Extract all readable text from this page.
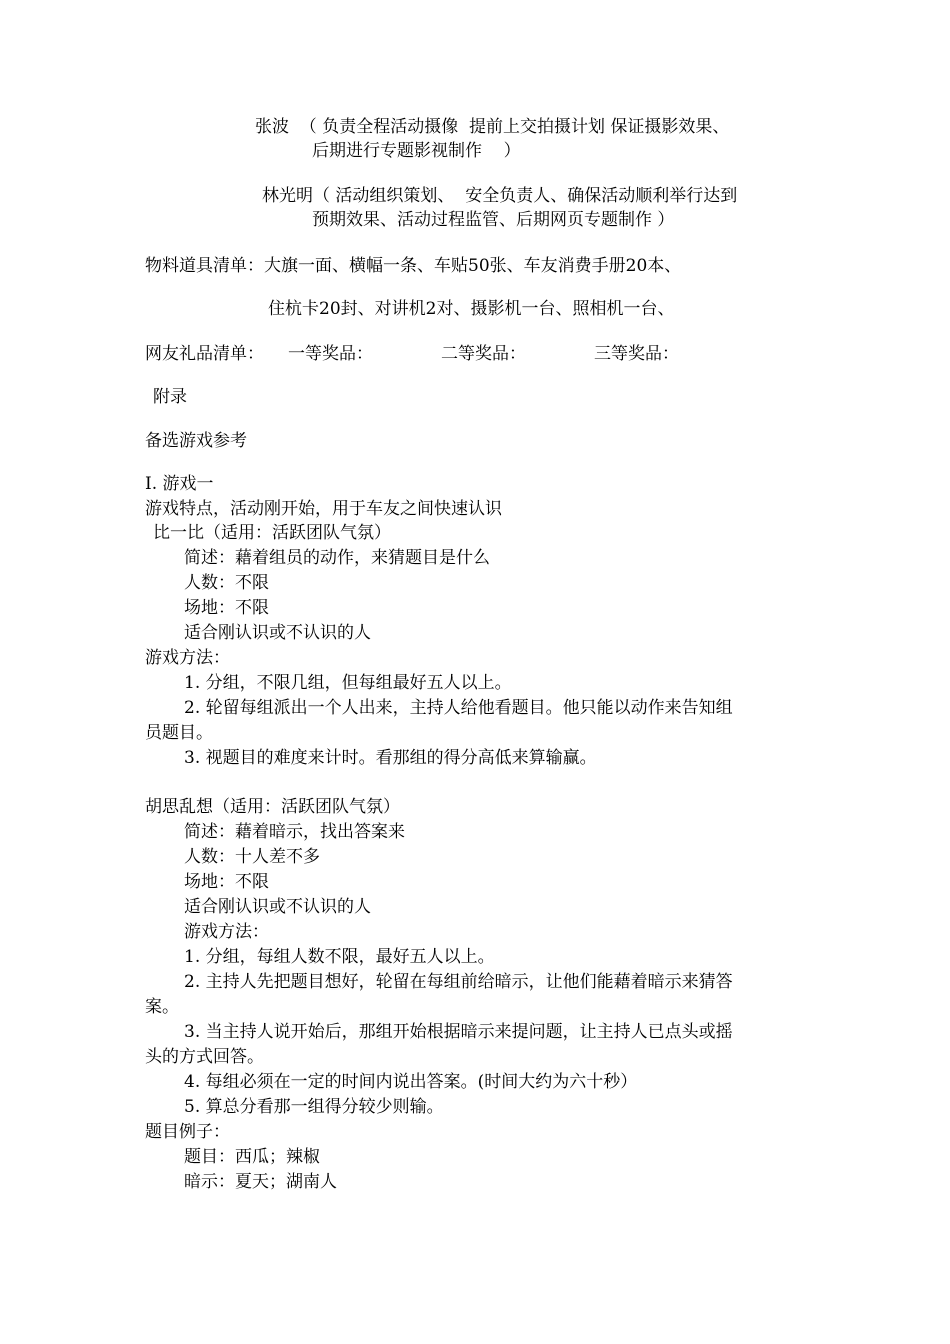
张波  （ 负责全程活动摄像  提前上交拍摄计划 保证摄影效果、
后期进行专题影视制作    ）
林光明（ 活动组织策划、  安全负责人、确保活动顺利举行达到
预期效果、活动过程监管、后期网页专题制作 ）
物料道具清单：大旗一面、横幅一条、车贴50张、车友消费手册20本、
住杭卡20封、对讲机2对、摄影机一台、照相机一台、
网友礼品清单： 一等奖品：	二等奖品：	三等奖品：
附录
备选游戏参考
Ⅰ. 游戏一
游戏特点，活动刚开始，用于车友之间快速认识
比一比（适用：活跃团队气氛）
简述：藉着组员的动作，来猜题目是什么
人数：不限
场地：不限
适合刚认识或不认识的人
游戏方法：
1. 分组，不限几组，但每组最好五人以上。
2. 轮留每组派出一个人出来，主持人给他看题目。他只能以动作来告知组
员题目。
3. 视题目的难度来计时。看那组的得分高低来算输赢。
胡思乱想（适用：活跃团队气氛）
简述：藉着暗示，找出答案来
人数：十人差不多
场地：不限
适合刚认识或不认识的人
游戏方法：
1. 分组，每组人数不限，最好五人以上。
2. 主持人先把题目想好，轮留在每组前给暗示，让他们能藉着暗示来猜答
案。
3. 当主持人说开始后，那组开始根据暗示来提问题，让主持人已点头或摇
头的方式回答。
4. 每组必须在一定的时间内说出答案。(时间大约为六十秒）
5. 算总分看那一组得分较少则输。
题目例子：
题目：西瓜；辣椒
暗示：夏天；湖南人
